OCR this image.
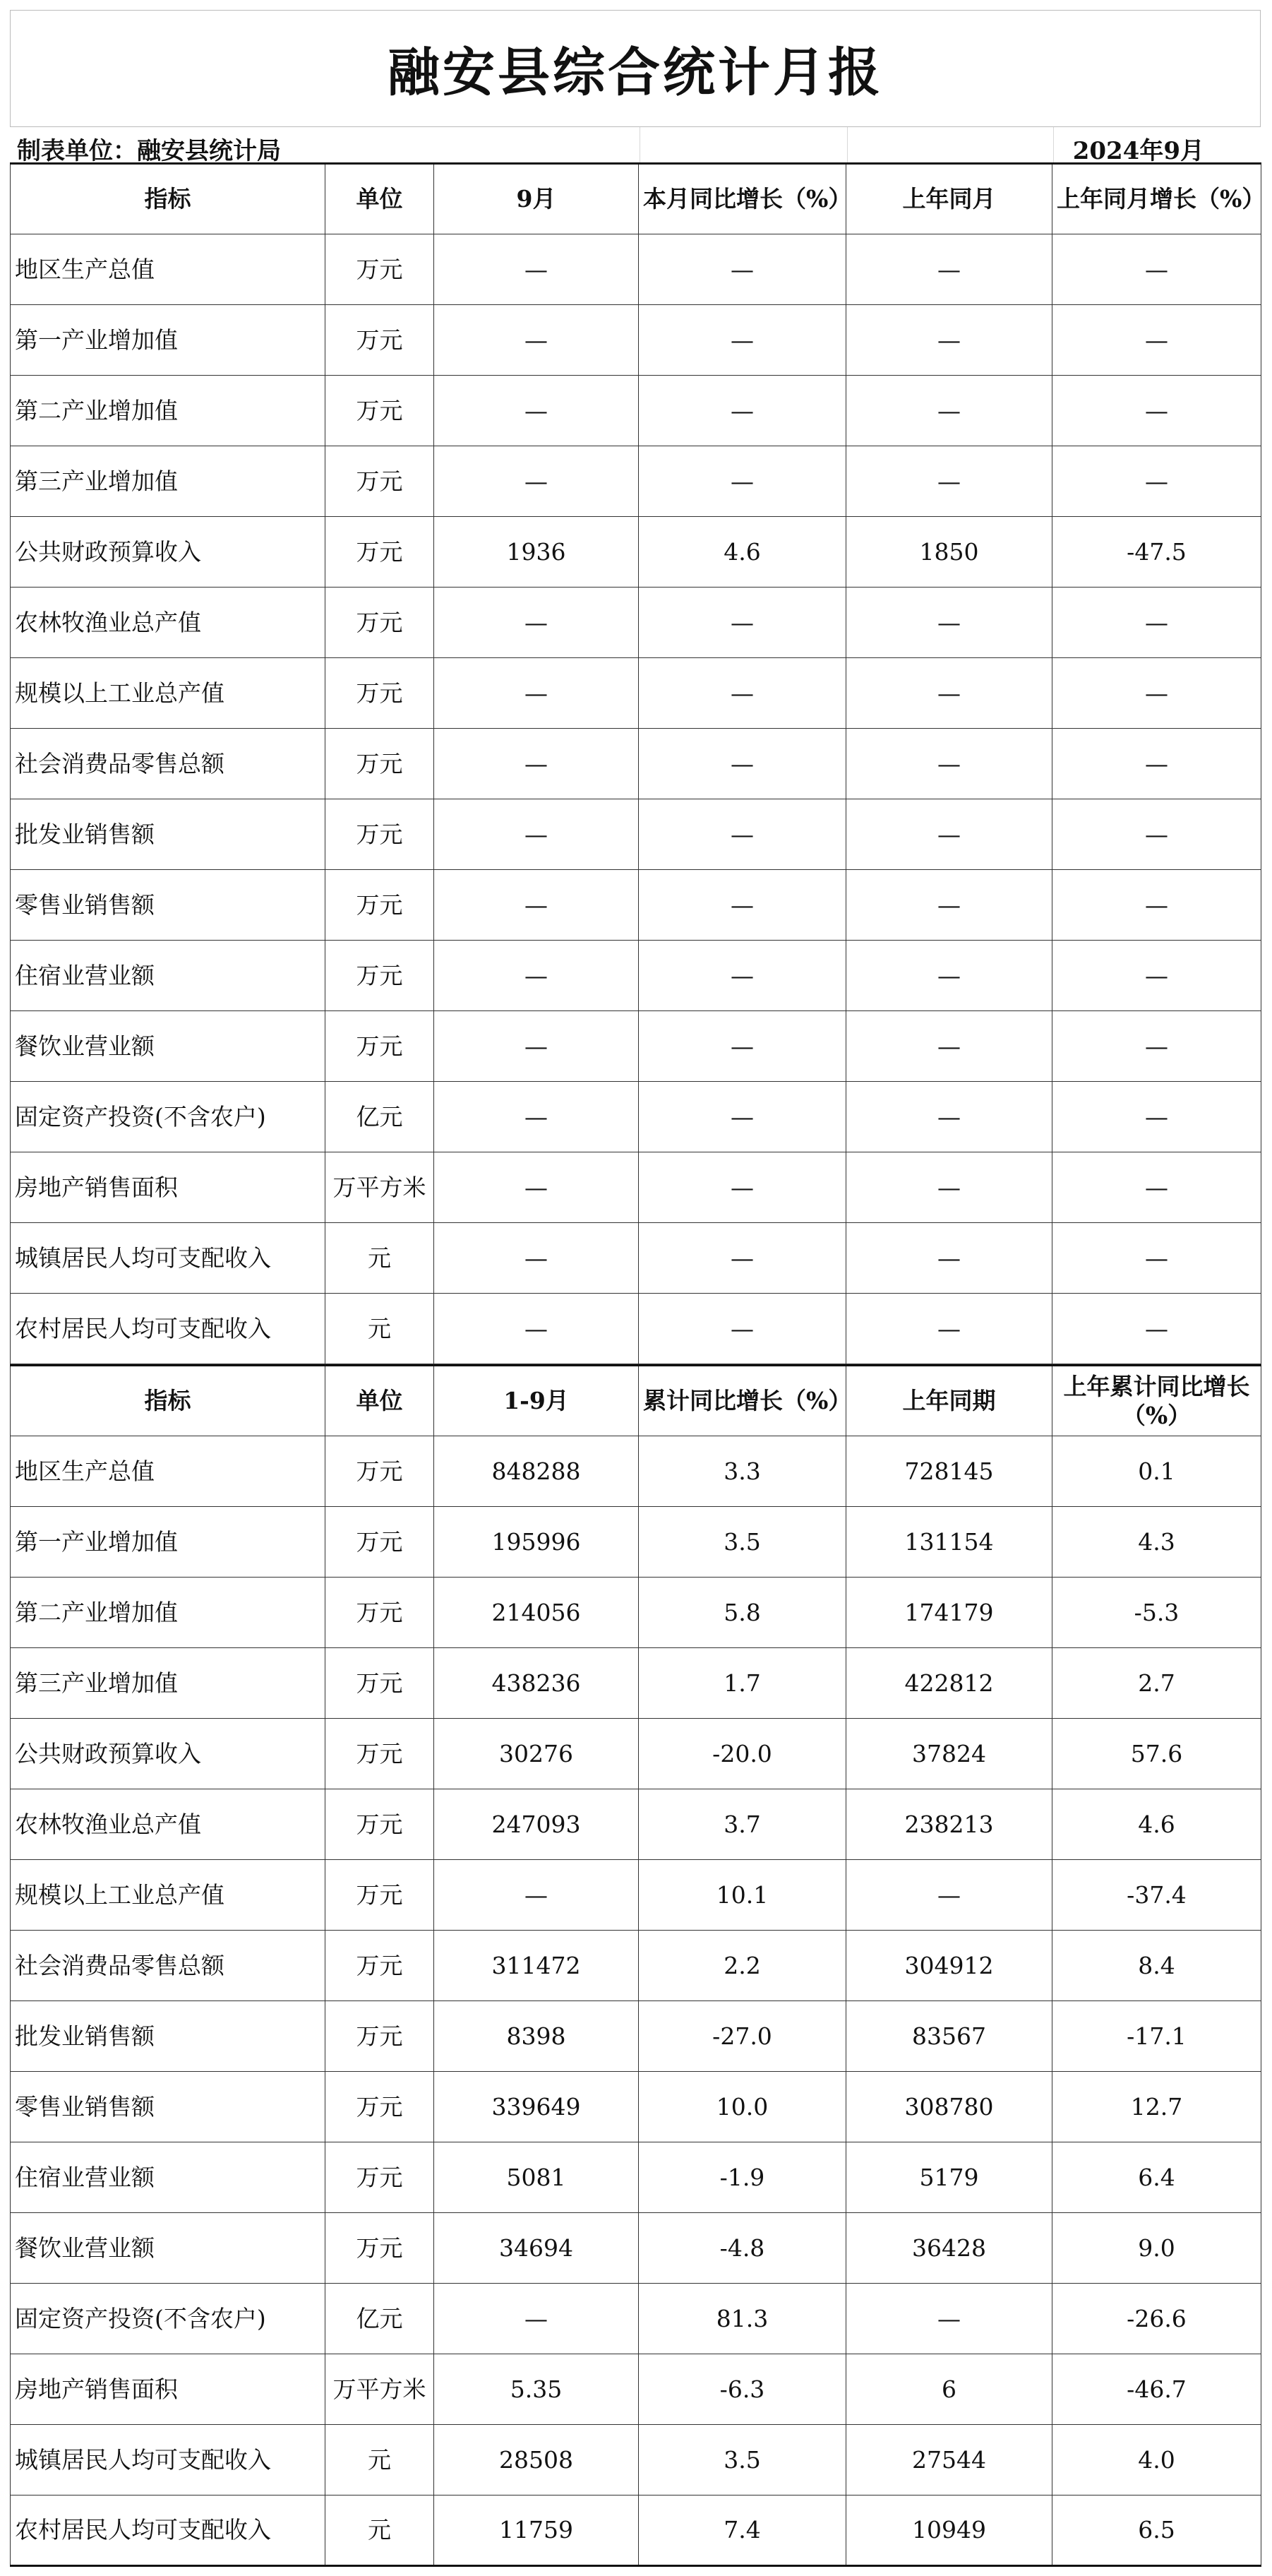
融安县综合统计月报
制表单位：融安县统计局	2024年9月
指标	单位	9月	本月同比增长（%）	上年同月	上年同月增长（%）
地区生产总值	万元	—	—	—	—
第一产业增加值	万元	—	—	—	—
第二产业增加值	万元	—	—	—	—
第三产业增加值	万元	—	—	—	—
公共财政预算收入	万元	1936	4.6	1850	-47.5
农林牧渔业总产值	万元	—	—	—	—
规模以上工业总产值	万元	—	—	—	—
社会消费品零售总额	万元	—	—	—	—
批发业销售额	万元	—	—	—	—
零售业销售额	万元	—	—	—	—
住宿业营业额	万元	—	—	—	—
餐饮业营业额	万元	—	—	—	—
固定资产投资(不含农户)	亿元	—	—	—	—
房地产销售面积	万平方米	—	—	—	—
城镇居民人均可支配收入	元	—	—	—	—
农村居民人均可支配收入	元	—	—	—	—
指标	单位	1-9月	累计同比增长（%）	上年同期	上年累计同比增长（%）
地区生产总值	万元	848288	3.3	728145	0.1
第一产业增加值	万元	195996	3.5	131154	4.3
第二产业增加值	万元	214056	5.8	174179	-5.3
第三产业增加值	万元	438236	1.7	422812	2.7
公共财政预算收入	万元	30276	-20.0	37824	57.6
农林牧渔业总产值	万元	247093	3.7	238213	4.6
规模以上工业总产值	万元	—	10.1	—	-37.4
社会消费品零售总额	万元	311472	2.2	304912	8.4
批发业销售额	万元	8398	-27.0	83567	-17.1
零售业销售额	万元	339649	10.0	308780	12.7
住宿业营业额	万元	5081	-1.9	5179	6.4
餐饮业营业额	万元	34694	-4.8	36428	9.0
固定资产投资(不含农户)	亿元	—	81.3	—	-26.6
房地产销售面积	万平方米	5.35	-6.3	6	-46.7
城镇居民人均可支配收入	元	28508	3.5	27544	4.0
农村居民人均可支配收入	元	11759	7.4	10949	6.5
